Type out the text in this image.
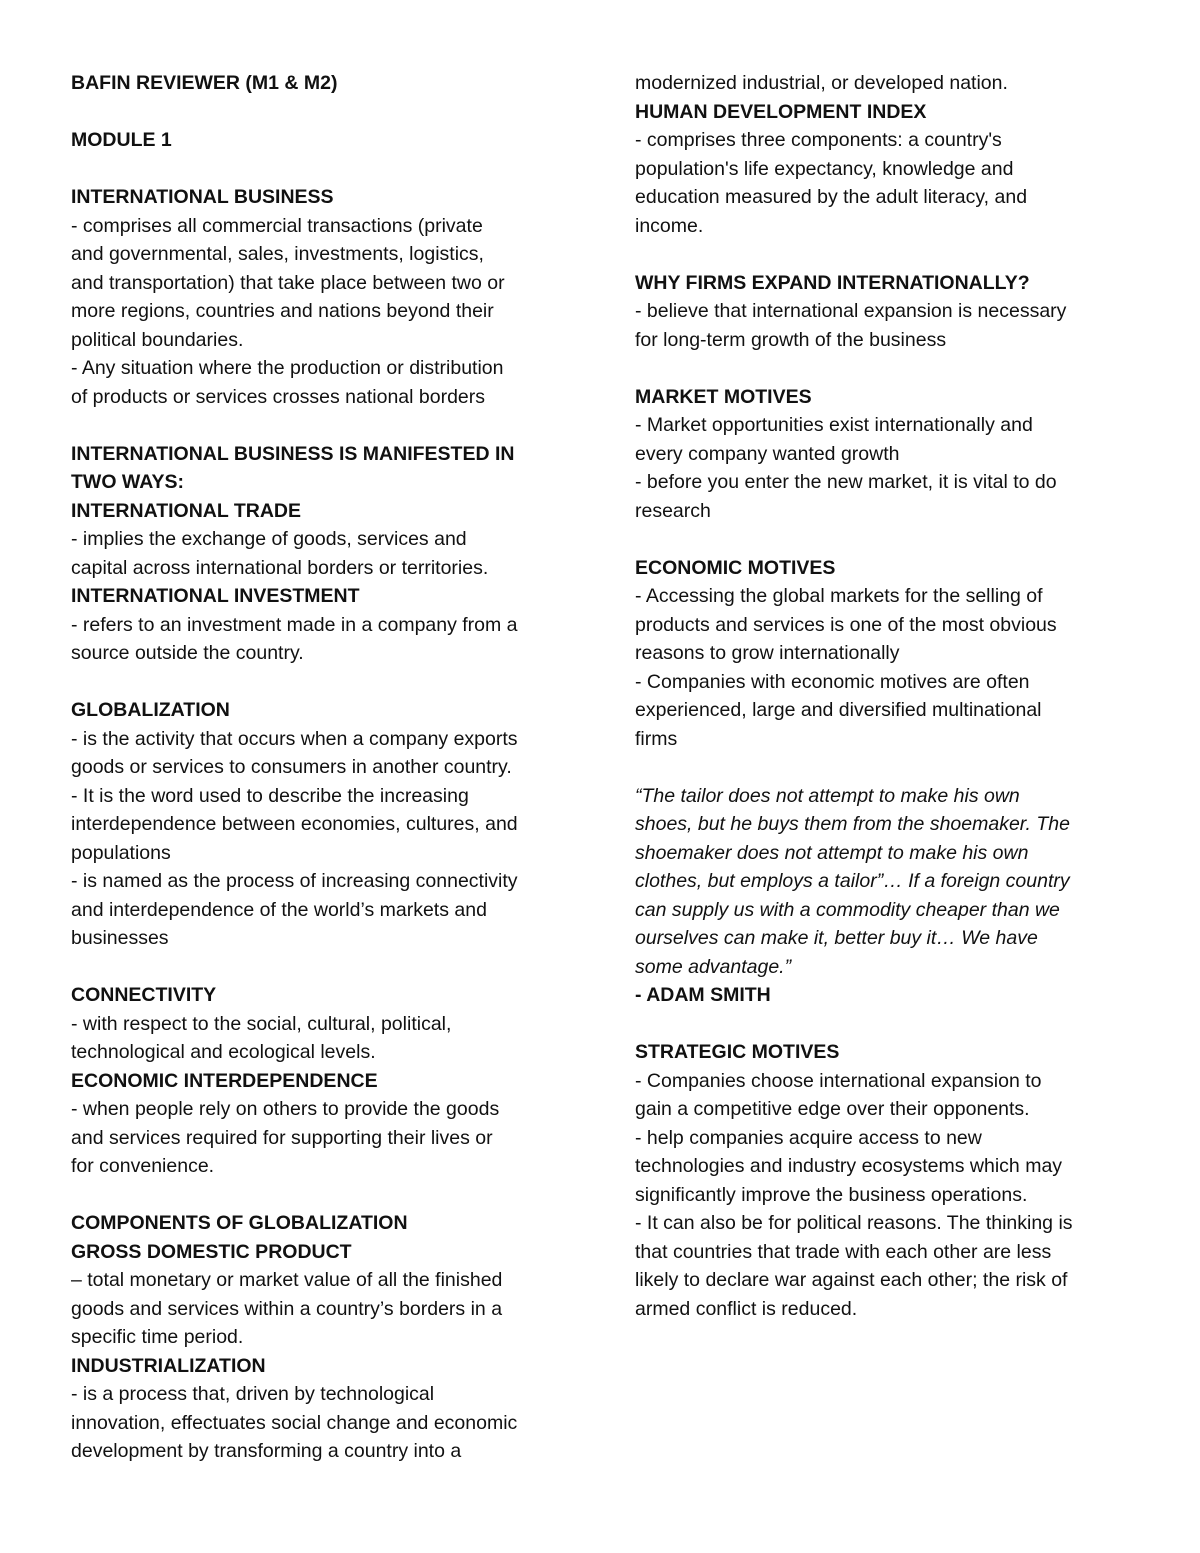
BAFIN REVIEWER (M1 & M2)
MODULE 1
INTERNATIONAL BUSINESS
- comprises all commercial transactions (private
and governmental, sales, investments, logistics,
and transportation) that take place between two or
more regions, countries and nations beyond their
political boundaries.
- Any situation where the production or distribution
of products or services crosses national borders
INTERNATIONAL BUSINESS IS MANIFESTED IN
TWO WAYS:
INTERNATIONAL TRADE
- implies the exchange of goods, services and
capital across international borders or territories.
INTERNATIONAL INVESTMENT
- refers to an investment made in a company from a
source outside the country.
GLOBALIZATION
- is the activity that occurs when a company exports
goods or services to consumers in another country.
- It is the word used to describe the increasing
interdependence between economies, cultures, and
populations
- is named as the process of increasing connectivity
and interdependence of the world’s markets and
businesses
CONNECTIVITY
- with respect to the social, cultural, political,
technological and ecological levels.
ECONOMIC INTERDEPENDENCE
- when people rely on others to provide the goods
and services required for supporting their lives or
for convenience.
COMPONENTS OF GLOBALIZATION
GROSS DOMESTIC PRODUCT
– total monetary or market value of all the finished
goods and services within a country’s borders in a
specific time period.
INDUSTRIALIZATION
- is a process that, driven by technological
innovation, effectuates social change and economic
development by transforming a country into a
modernized industrial, or developed nation.
HUMAN DEVELOPMENT INDEX
- comprises three components: a country's
population's life expectancy, knowledge and
education measured by the adult literacy, and
income.
WHY FIRMS EXPAND INTERNATIONALLY?
- believe that international expansion is necessary
for long-term growth of the business
MARKET MOTIVES
- Market opportunities exist internationally and
every company wanted growth
- before you enter the new market, it is vital to do
research
ECONOMIC MOTIVES
- Accessing the global markets for the selling of
products and services is one of the most obvious
reasons to grow internationally
- Companies with economic motives are often
experienced, large and diversified multinational
firms
“The tailor does not attempt to make his own
shoes, but he buys them from the shoemaker. The
shoemaker does not attempt to make his own
clothes, but employs a tailor”… If a foreign country
can supply us with a commodity cheaper than we
ourselves can make it, better buy it… We have
some advantage.”
- ADAM SMITH
STRATEGIC MOTIVES
- Companies choose international expansion to
gain a competitive edge over their opponents.
- help companies acquire access to new
technologies and industry ecosystems which may
significantly improve the business operations.
- It can also be for political reasons. The thinking is
that countries that trade with each other are less
likely to declare war against each other; the risk of
armed conflict is reduced.
